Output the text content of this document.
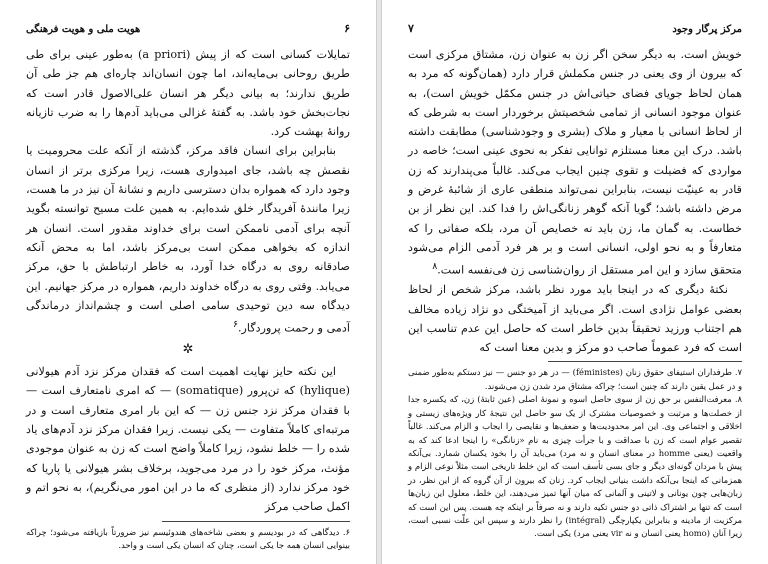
۶
هویت ملی و هویت فرهنگی

تمایلات کسانی است که از پیش (a priori) به‌طور عینی برای طی طریق روحانی بی‌مایه‌اند، اما چون انسان‌اند چاره‌ای هم جز طی آن طریق ندارند؛ به بیانی دیگر هر انسان علی‌الاصول قادر است که نجات‌بخش خود باشد. به گفتهٔ غزالی می‌باید آدم‌ها را به ضرب تازیانه روانهٔ بهشت کرد.

بنابراین برای انسان فاقد مرکز، گذشته از آنکه علت محرومیت یا نقصش چه باشد، جای امیدواری هست، زیرا مرکزی برتر از انسان وجود دارد که همواره بدان دسترسی داریم و نشانهٔ آن نیز در ما هست، زیرا مانندهٔ آفریدگار خلق شده‌ایم. به همین علت مسیح توانسته بگوید آنچه برای آدمی ناممکن است برای خداوند مقدور است. انسان هر اندازه که بخواهی ممکن است بی‌مرکز باشد، اما به محض آنکه صادقانه روی به درگاه خدا آورد، به خاطر ارتباطش با حق، مرکز می‌یابد. وقتی روی به درگاه خداوند داریم، همواره در مرکز جهانیم. این دیدگاه سه دین توحیدی سامی اصلی است و چشم‌انداز درماندگی آدمی و رحمت پروردگار.$^۶$

✲

این نکته حایز نهایت اهمیت است که فقدان مرکز نزد آدم هیولانی (hylique) که تن‌پرور (somatique) — که امری نامتعارف است — با فقدان مرکز نزد جنس زن — که این بار امری متعارف است و در مرتبه‌ای کاملاً متفاوت — یکی نیست. زیرا فقدان مرکز نزد آدم‌های یاد شده را — خلط نشود، زیرا کاملاً واضح است که زن به عنوان موجودی مؤنث، مرکز خود را در مرد می‌جوید، برخلاف بشر هیولانی یا پاریا که خود مرکز ندارد (از منظری که ما در این امور می‌نگریم)، به نحو اتم و اکمل صاحب مرکز

۶. دیدگاهی که در بودیسم و بعضی شاخه‌های هندوئیسم نیز ضرورتاً بازیافته می‌شود؛ چراکه بینوایی انسان همه جا یکی است، چنان که انسان یکی است و واحد.

مرکز پرگار وجود
۷

خویش است. به دیگر سخن اگر زن به عنوان زن، مشتاق مرکزی است که بیرون از وی یعنی در جنس مکملش قرار دارد (همان‌گونه که مرد به همان لحاظ جویای فضای حیاتی‌اش در جنس مکمّل خویش است)، به عنوان موجود انسانی از تمامی شخصیتش برخوردار است به شرطی که از لحاظ انسانی با معیار و ملاک (بشری و وجودشناسی) مطابقت داشته باشد. درک این معنا مستلزم توانایی تفکر به نحوی عینی است؛ خاصه در مواردی که فضیلت و تقوی چنین ایجاب می‌کند. غالباً می‌پندارند که زن قادر به عینیّت نیست، بنابراین نمی‌تواند منطقی عاری از شائبهٔ غرض و مرض داشته باشد؛ گویا آنکه گوهر زنانگی‌اش را فدا کند. این نظر از بن خطاست. به گمان ما، زن باید نه خصایص آن مرد، بلکه صفاتی را که متعارفاً و به نحو اولی، انسانی است و بر هر فرد آدمی الزام می‌شود متحقق سازد و این امر مستقل از روان‌شناسی زن فی‌نفسه است.$^۸$

نکتهٔ دیگری که در اینجا باید مورد نظر باشد، مرکز شخص از لحاظ بعضی عوامل نژادی است. اگر می‌باید از آمیختگی دو نژاد زیاده مخالف هم اجتناب ورزید تحقیقاً بدین خاطر است که حاصل این عدم تناسب این است که فرد عموماً صاحب دو مرکز و بدین معنا است که

۷. طرفداران استیفای حقوق زنان (féministes) — در هر دو جنس — نیز دستکم به‌طور ضمنی و در عمل یقین دارند که چنین است؛ چراکه مشتاق مرد شدن زن می‌شوند.

۸. معرفت‌النفس بر حق زن از سوی حاصل اسوه و نمونهٔ اصلی (عین ثابتهٔ) زن، که یکسره جدا از خصلت‌ها و مرتبت و خصوصیات مشترک از یک سو حاصل این نتیجهٔ کار ویژه‌های زیستی و اخلاقی و اجتماعی وی. این امر محدودیت‌ها و ضعف‌ها و نقایصی را ایجاب و الزام می‌کند. غالباً تقصیر عوام است که زن با صداقت و با جرأت چیزی به نام «زنانگی» را اینجا ادعا کند که به واقعیت (یعنی homme در معنای انسان و نه مرد) می‌باید آن را بخود یکسان شمارد. بی‌آنکه پیش با مردان گونه‌ای دیگر و جای بسی تأسف است که این خلط تاریخی است مثلاً نوعی الزام و همزمانی که اینجا بی‌آنکه داشت بنیانی ایجاب کرد. زنان که بیرون از آن گروه که از این نظر، در زبان‌هایی چون یونانی و لاتینی و آلمانی که میان آنها تمیز می‌دهند، این خلط، معلول این زبان‌ها است که تنها بر اشتراک ذاتی دو جنس تکیه دارند و نه صرفاً بر اینکه چه هست. پس این است که مرکزیت از مادینه و بنابراین یکپارچگی (intégral) را نظر دارند و سپس این علّت نسبی است، زیرا آنان (homo یعنی انسان و نه vir یعنی مرد) یکی است.
